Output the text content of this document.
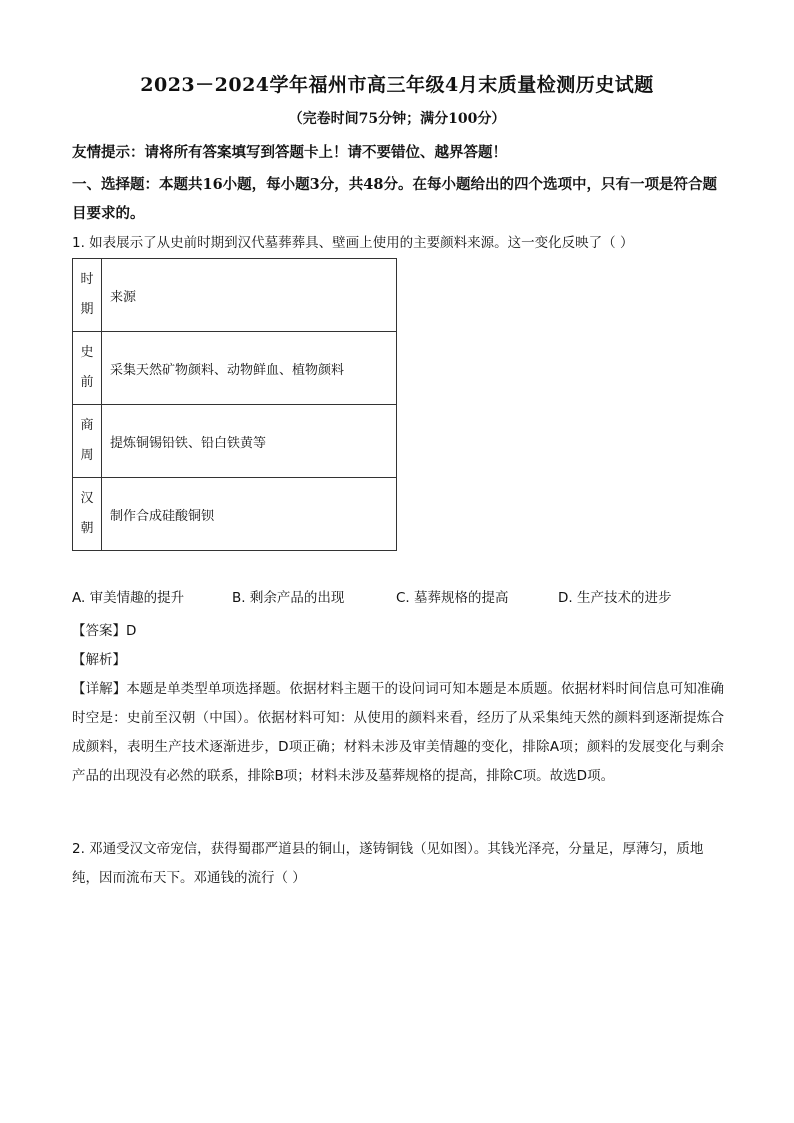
2023－2024学年福州市高三年级4月末质量检测历史试题
（完卷时间75分钟；满分100分）
友情提示：请将所有答案填写到答题卡上！请不要错位、越界答题！
一、选择题：本题共16小题，每小题3分，共48分。在每小题给出的四个选项中，只有一项是符合题目要求的。
1. 如表展示了从史前时期到汉代墓葬葬具、壁画上使用的主要颜料来源。这一变化反映了（ ）
时
期	来源

史
前	采集天然矿物颜料、动物鲜血、植物颜料

商
周	提炼铜锡铅铁、铅白铁黄等

汉
朝	制作合成硅酸铜钡
A. 审美情趣的提升	B. 剩余产品的出现	C. 墓葬规格的提高	D. 生产技术的进步
【答案】D
【解析】
【详解】本题是单类型单项选择题。依据材料主题干的设问词可知本题是本质题。依据材料时间信息可知准确时空是：史前至汉朝（中国）。依据材料可知：从使用的颜料来看，经历了从采集纯天然的颜料到逐渐提炼合成颜料，表明生产技术逐渐进步，D项正确；材料未涉及审美情趣的变化，排除A项；颜料的发展变化与剩余产品的出现没有必然的联系，排除B项；材料未涉及墓葬规格的提高，排除C项。故选D项。
2. 邓通受汉文帝宠信，获得蜀郡严道县的铜山，遂铸铜钱（见如图）。其钱光泽亮，分量足，厚薄匀，质地纯，因而流布天下。邓通钱的流行（ ）
